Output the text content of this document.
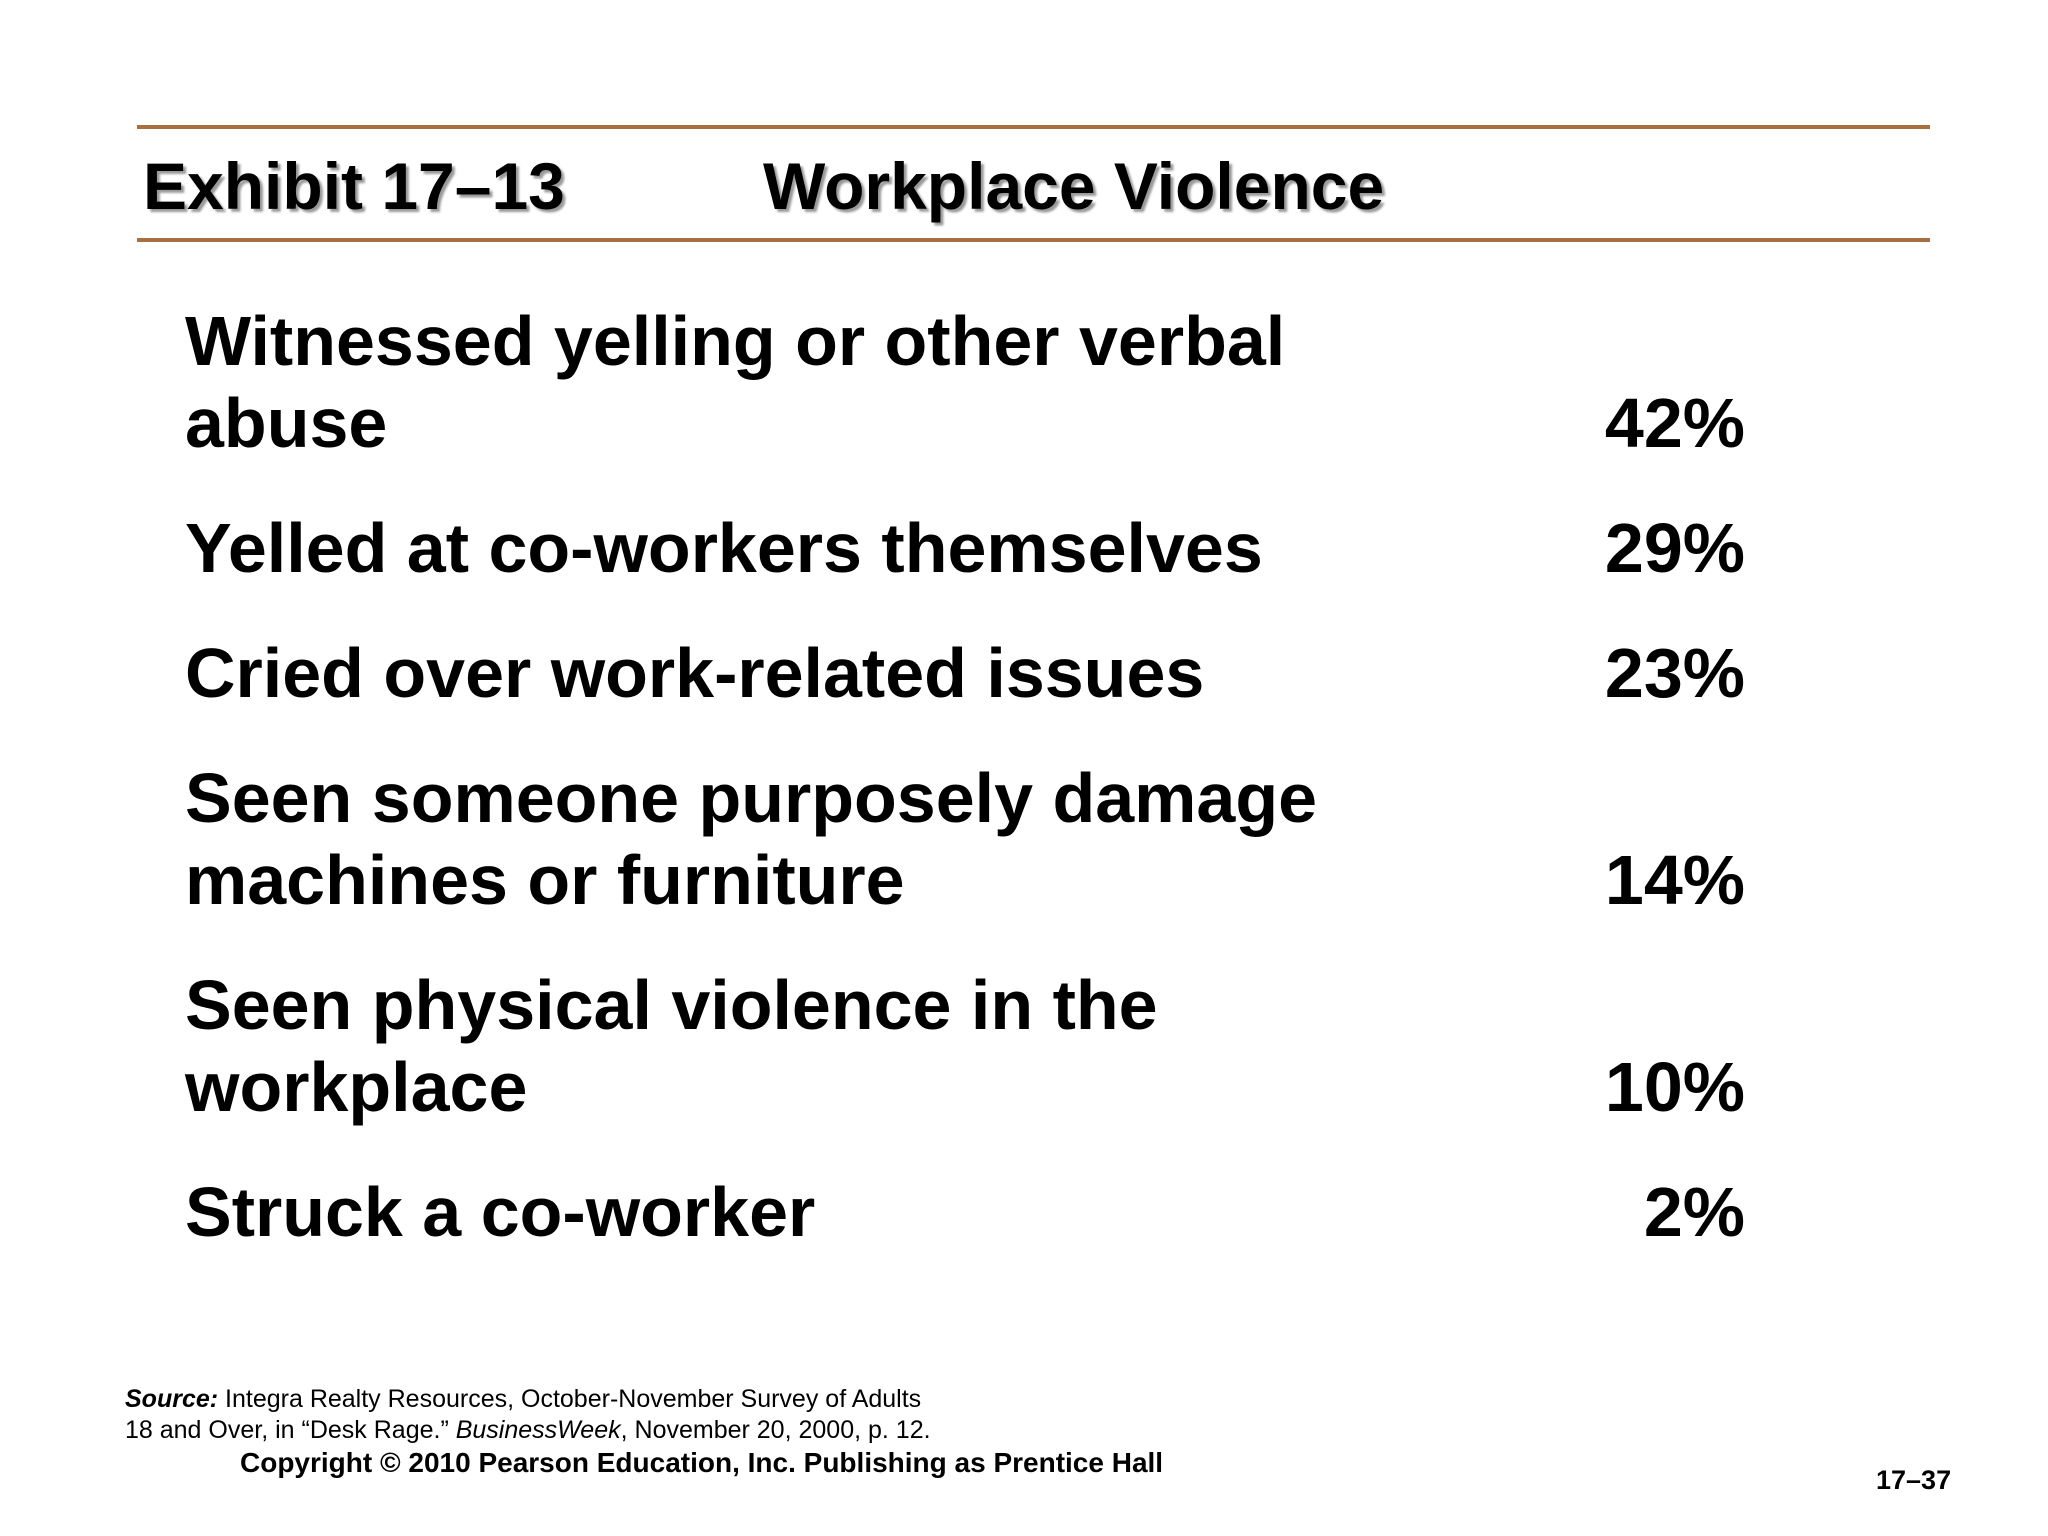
Exhibit 17–13	Workplace Violence
Witnessed yelling or other verbal abuse	42%
Yelled at co-workers themselves	29%
Cried over work-related issues	23%
Seen someone purposely damage
machines or furniture	14%
Seen physical violence in the workplace	10%
Struck a co-worker	2%
Source: Integra Realty Resources, October-November Survey of Adults
18 and Over, in “Desk Rage.” BusinessWeek, November 20, 2000, p. 12.
Copyright © 2010 Pearson Education, Inc. Publishing as Prentice Hall
17–37
